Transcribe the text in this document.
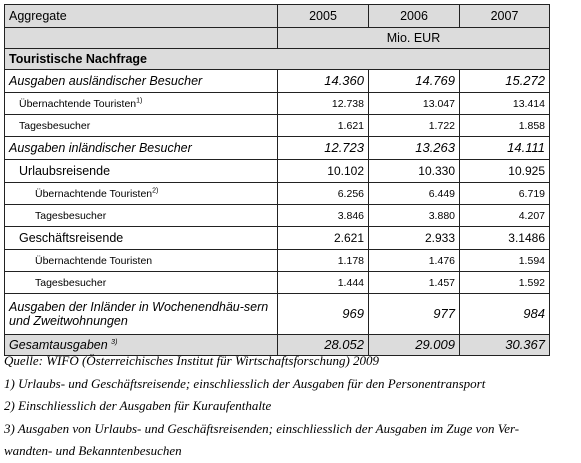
Aggregate	2005	2006	2007
	Mio. EUR		
Touristische Nachfrage			
Ausgaben ausländischer Besucher	14.360	14.769	15.272
Übernachtende Touristen$^{1)}$	12.738	13.047	13.414
Tagesbesucher	1.621	1.722	1.858
Ausgaben inländischer Besucher	12.723	13.263	14.111
Urlaubsreisende	10.102	10.330	10.925
Übernachtende Touristen$^{2)}$	6.256	6.449	6.719
Tagesbesucher	3.846	3.880	4.207
Geschäftsreisende	2.621	2.933	3.1486
Übernachtende Touristen	1.178	1.476	1.594
Tagesbesucher	1.444	1.457	1.592
Ausgaben der Inländer in Wochenendhäu-sern und Zweitwohnungen	969	977	984
Gesamtausgaben $^{3)}$	28.052	29.009	30.367
Quelle: WIFO (Österreichisches Institut für Wirtschaftsforschung) 2009
1) Urlaubs- und Geschäftsreisende; einschliesslich der Ausgaben für den Personentransport
2) Einschliesslich der Ausgaben für Kuraufenthalte
3) Ausgaben von Urlaubs- und Geschäftsreisenden; einschliesslich der Ausgaben im Zuge von Ver-
wandten- und Bekanntenbesuchen
